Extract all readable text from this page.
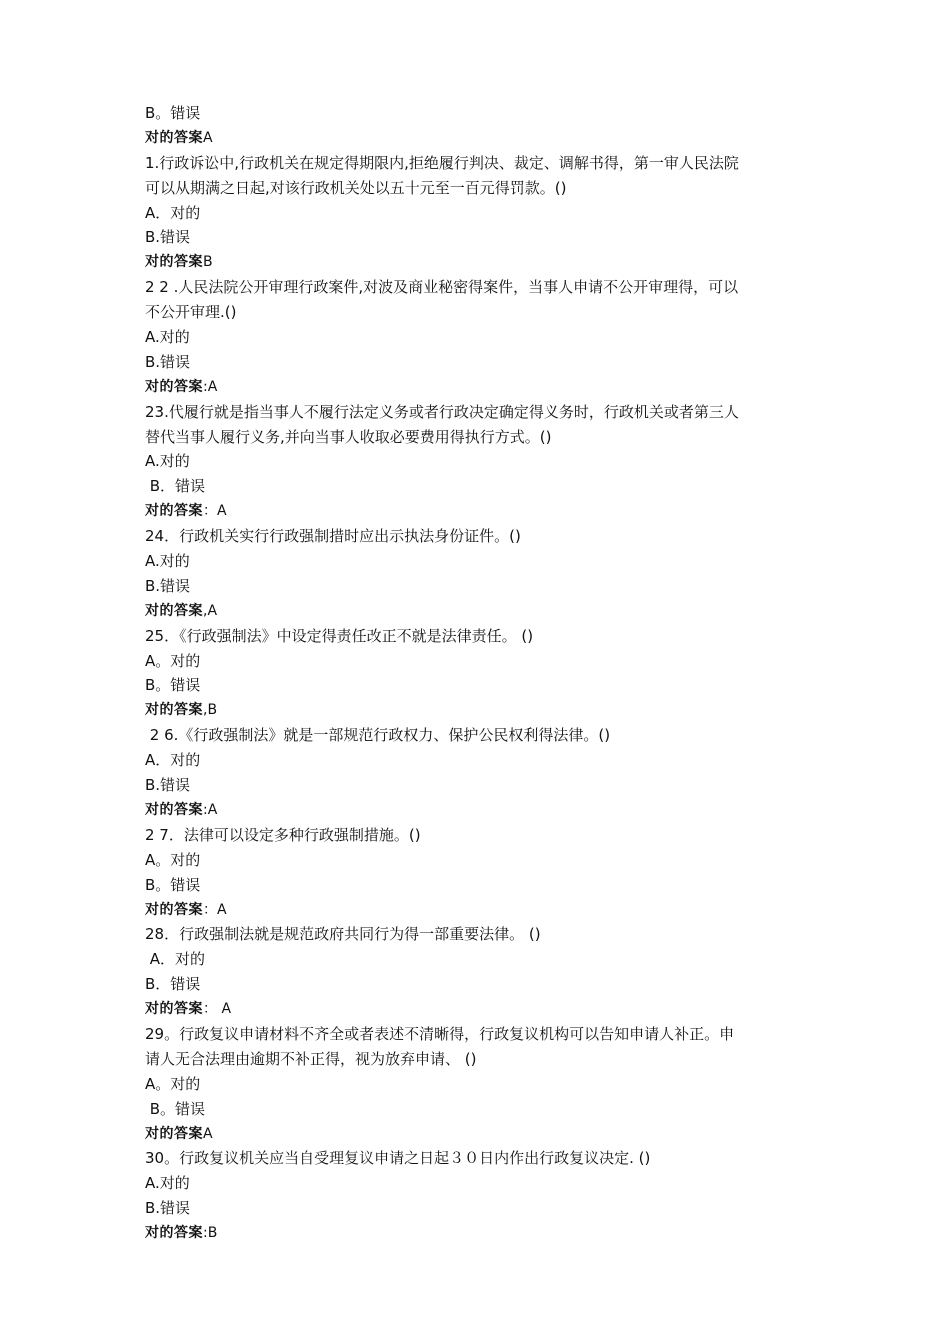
B。错误
对的答案A
1.行政诉讼中,行政机关在规定得期限内,拒绝履行判决、裁定、调解书得，第一审人民法院
可以从期满之日起,对该行政机关处以五十元至一百元得罚款。()
A．对的
B.错误
对的答案B
2 2 .人民法院公开审理行政案件,对波及商业秘密得案件，当事人申请不公开审理得，可以
不公开审理.()
A.对的
B.错误
对的答案:A
23.代履行就是指当事人不履行法定义务或者行政决定确定得义务时，行政机关或者第三人
替代当事人履行义务,并向当事人收取必要费用得执行方式。()
A.对的
B．错误
对的答案：A
24．行政机关实行行政强制措时应出示执法身份证件。()
A.对的
B.错误
对的答案,A
25．《行政强制法》中设定得责任改正不就是法律责任。 ()
A。对的
B。错误
对的答案,B
2 6.《行政强制法》就是一部规范行政权力、保护公民权利得法律。()
A．对的
B.错误
对的答案:A
2 7．法律可以设定多种行政强制措施。()
A。对的
B。错误
对的答案：A
28．行政强制法就是规范政府共同行为得一部重要法律。 ()
A．对的
B．错误
对的答案： A
29。行政复议申请材料不齐全或者表述不清晰得，行政复议机构可以告知申请人补正。申
请人无合法理由逾期不补正得，视为放弃申请、 ()
A。对的
B。错误
对的答案A
30。行政复议机关应当自受理复议申请之日起３０日内作出行政复议决定. ()
A.对的
B.错误
对的答案:B
